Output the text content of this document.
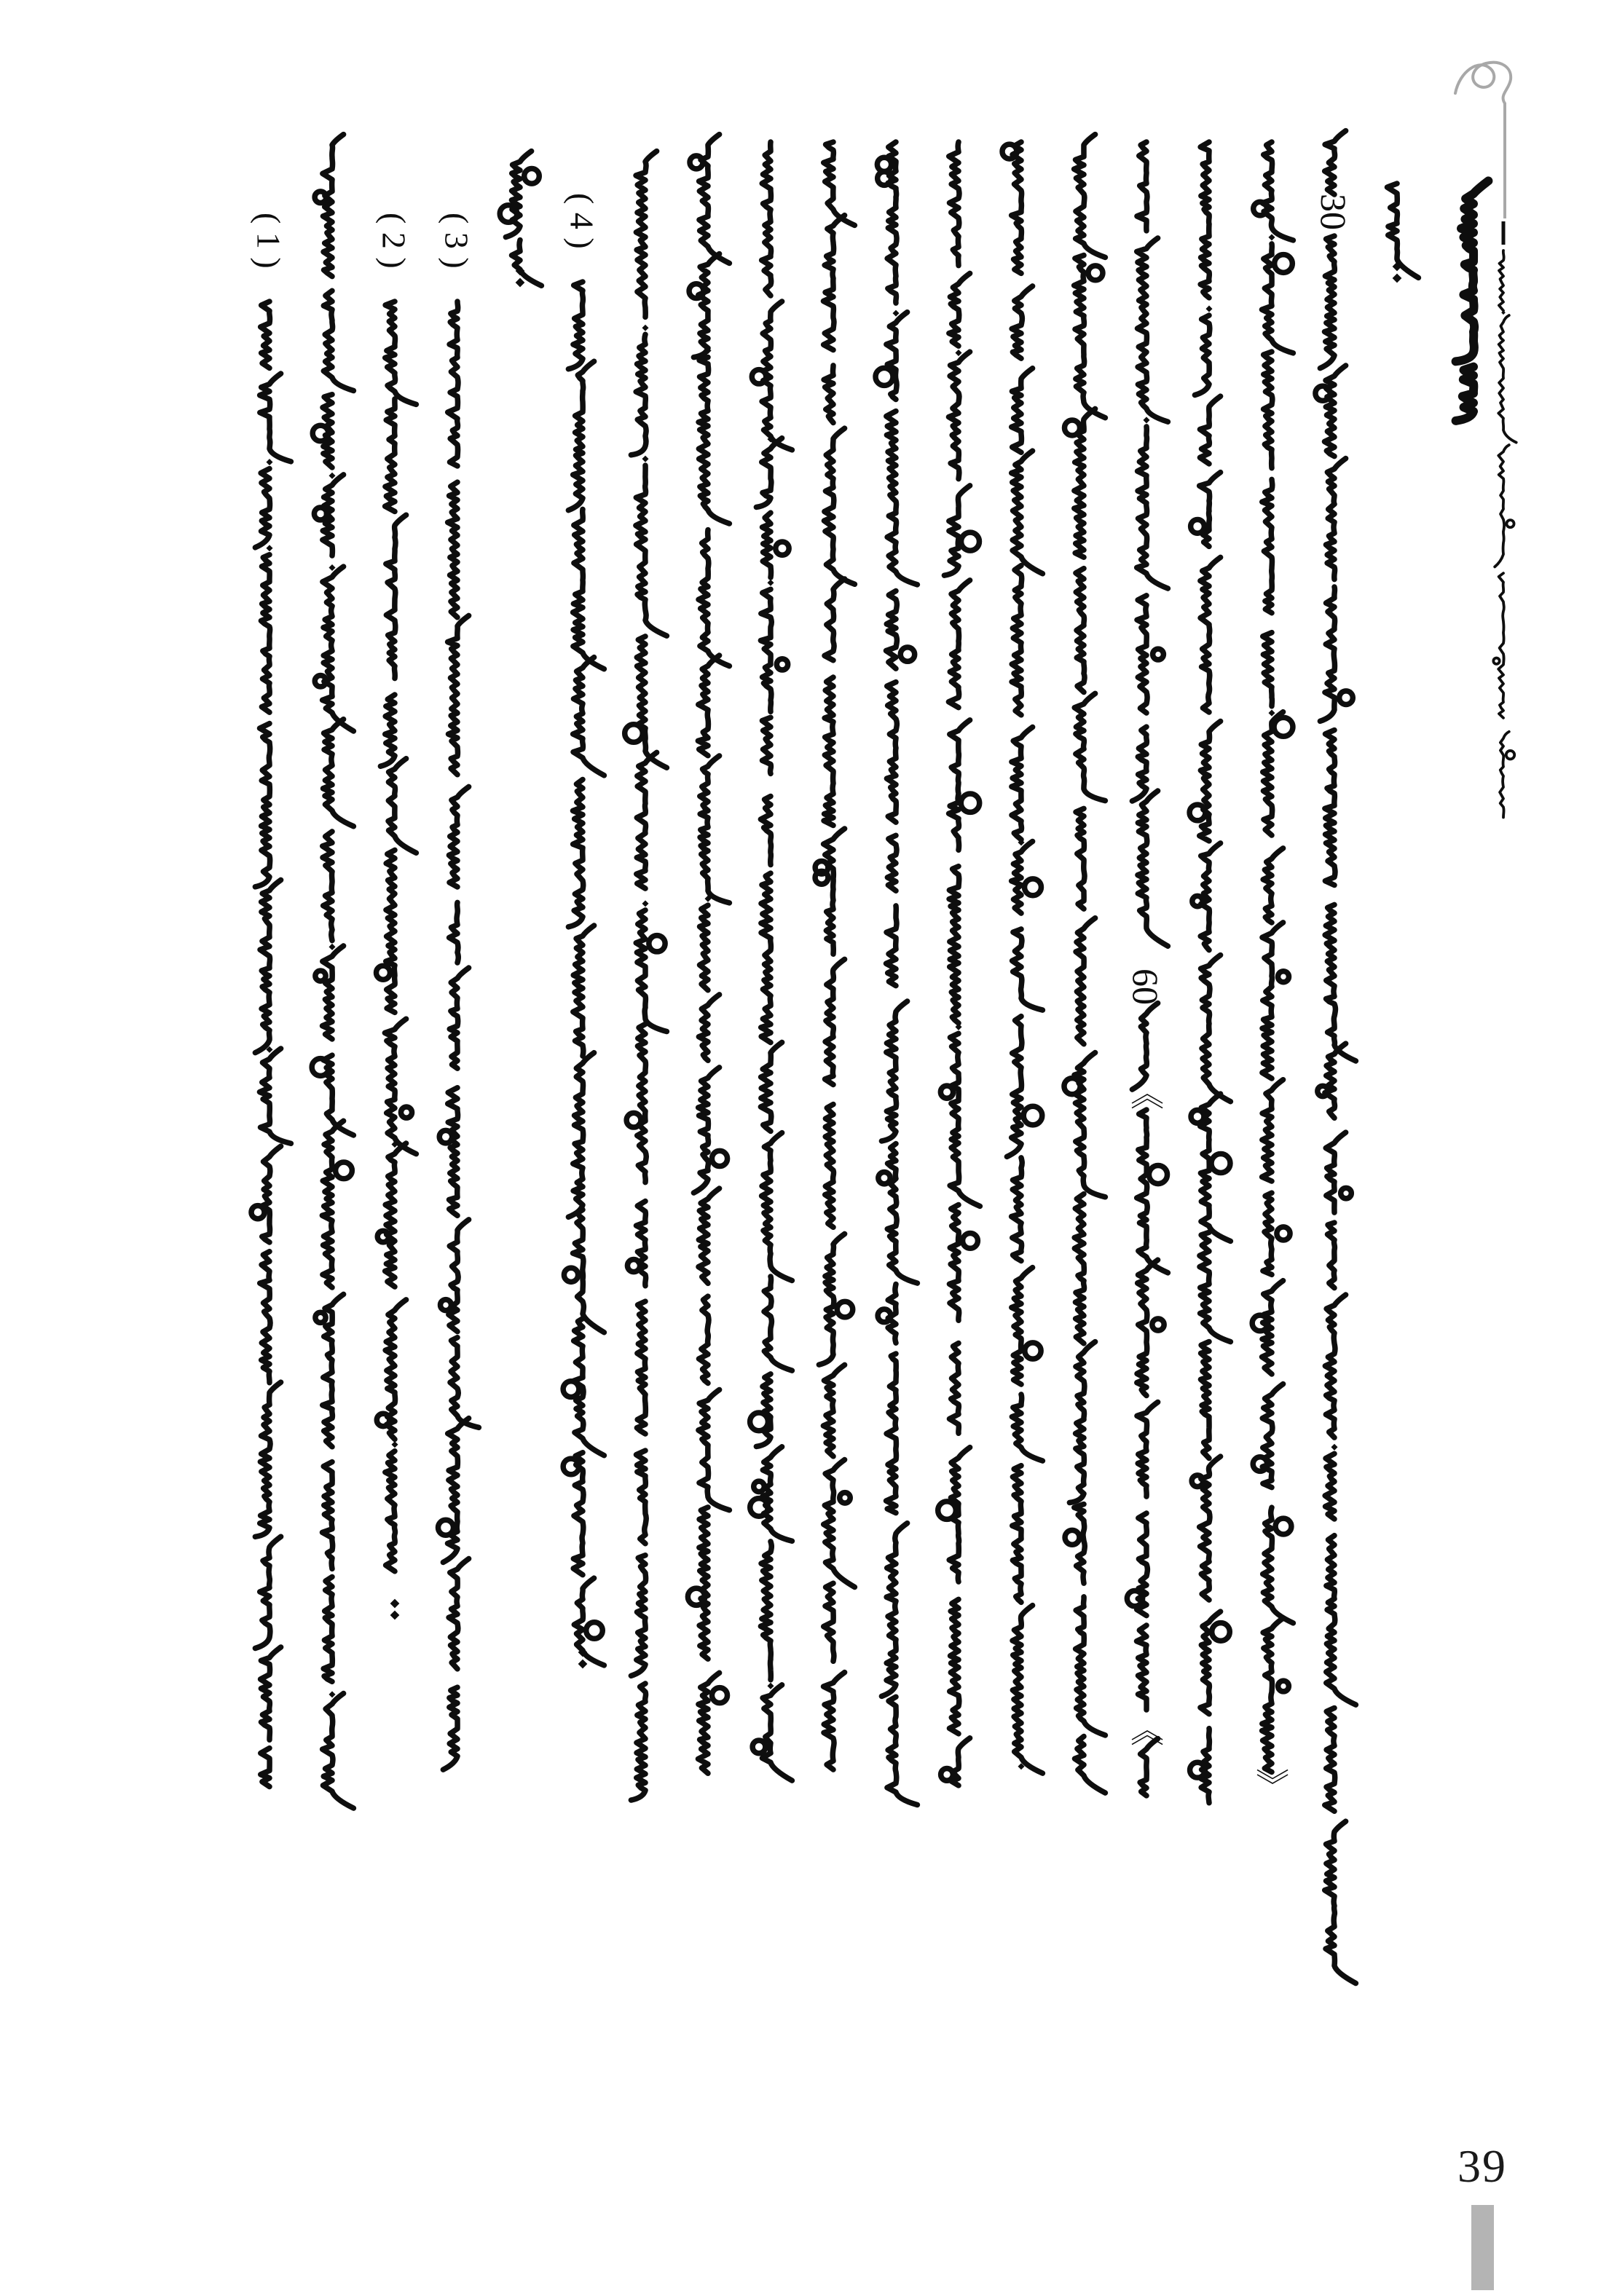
( 1 )	( 2 ) ( 3 )	( 4 )
60
《
《
》
30
39
